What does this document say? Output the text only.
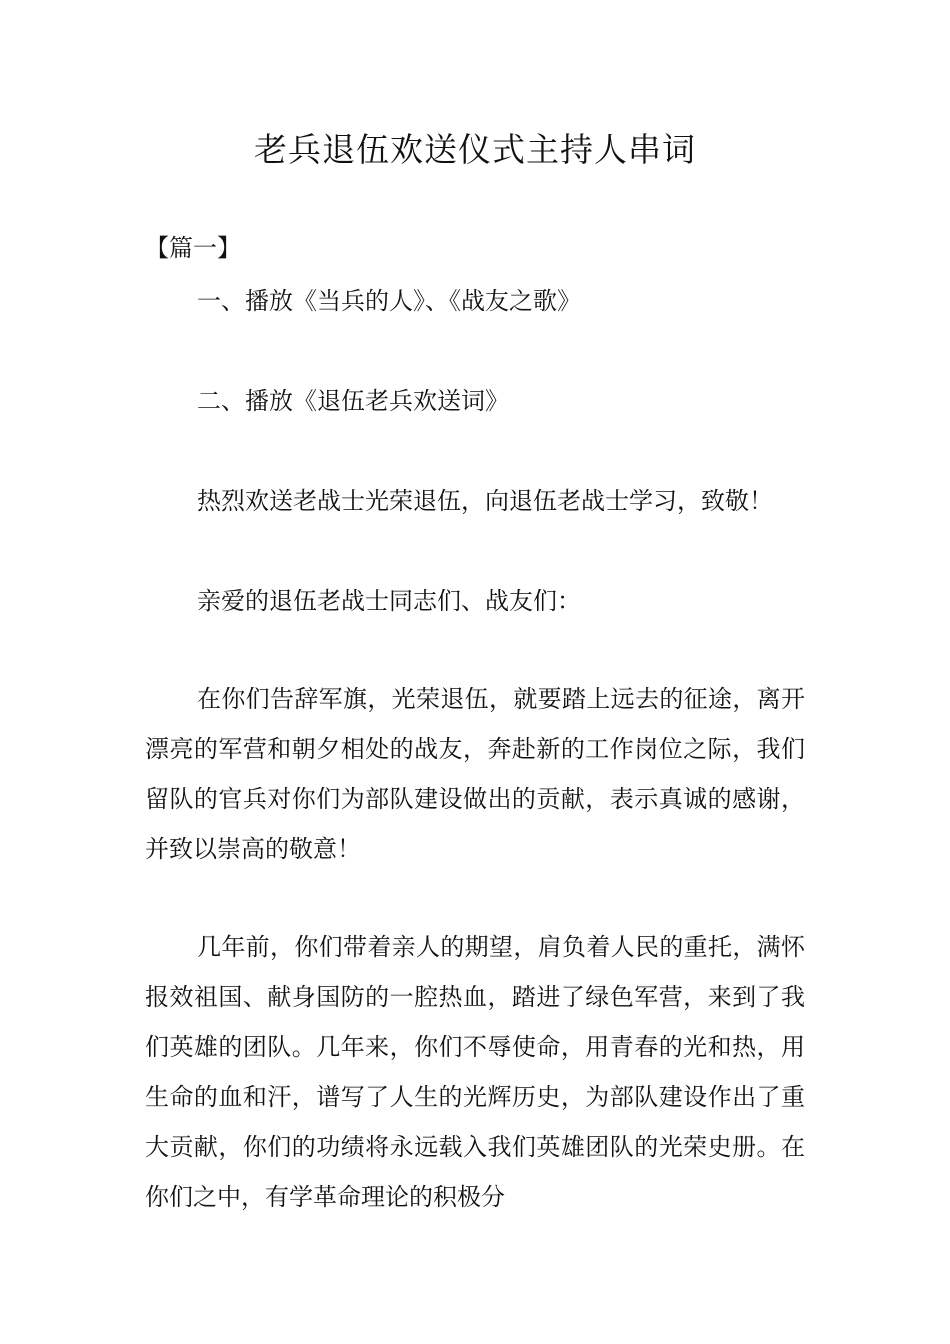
老兵退伍欢送仪式主持人串词
【篇一】

一、播放《当兵的人》、《战友之歌》

二、播放《退伍老兵欢送词》

热烈欢送老战士光荣退伍，向退伍老战士学习，致敬！

亲爱的退伍老战士同志们、战友们：

在你们告辞军旗，光荣退伍，就要踏上远去的征途，离开漂亮的军营和朝夕相处的战友，奔赴新的工作岗位之际，我们留队的官兵对你们为部队建设做出的贡献，表示真诚的感谢，并致以崇高的敬意！

几年前，你们带着亲人的期望，肩负着人民的重托，满怀报效祖国、献身国防的一腔热血，踏进了绿色军营，来到了我们英雄的团队。几年来，你们不辱使命，用青春的光和热，用生命的血和汗，谱写了人生的光辉历史，为部队建设作出了重大贡献，你们的功绩将永远载入我们英雄团队的光荣史册。在你们之中，有学革命理论的积极分
